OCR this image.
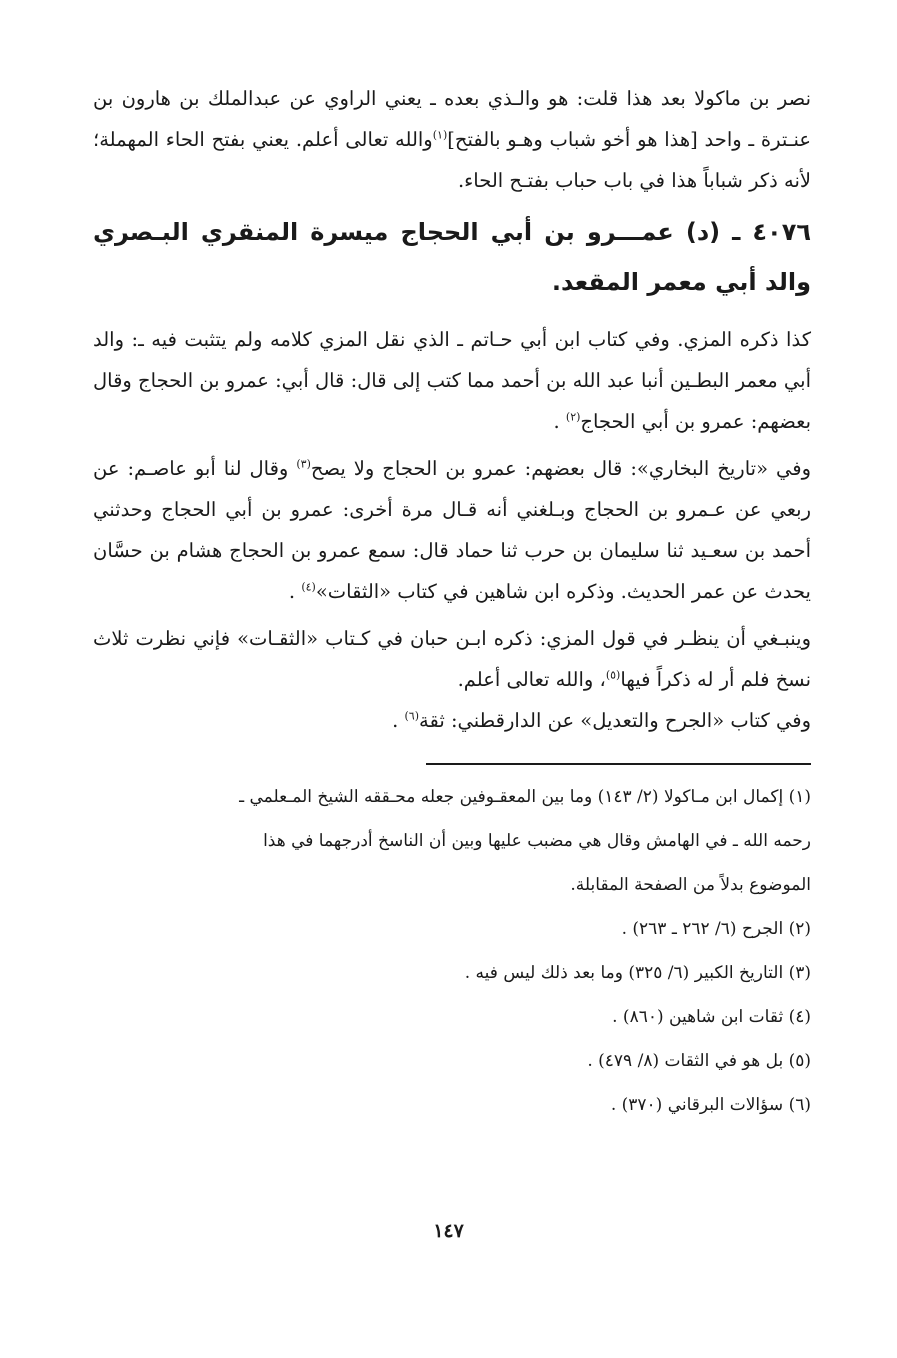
نصر بن ماكولا بعد هذا قلت: هو والـذي بعده ـ يعني الراوي عن عبدالملك بن هارون بن عنـترة ـ واحد [هذا هو أخو شباب وهـو بالفتح]$^{(١)}$والله تعالى أعلم. يعني بفتح الحاء المهملة؛ لأنه ذكر شباباً هذا في باب حباب بفتـح الحاء.

٤٠٧٦ ـ (د) عمـــرو بن أبي الحجاج ميسرة المنقري البـصري والد أبي معمر المقعد.

كذا ذكره المزي. وفي كتاب ابن أبي حـاتم ـ الذي نقل المزي كلامه ولم يتثبت فيه ـ: والد أبي معمر البطـين أنبا عبد الله بن أحمد مما كتب إلى قال: قال أبي: عمرو بن الحجاج وقال بعضهم: عمرو بن أبي الحجاج$^{(٢)}$ .

وفي «تاريخ البخاري»: قال بعضهم: عمرو بن الحجاج ولا يصح$^{(٣)}$ وقال لنا أبو عاصـم: عن ربعي عن عـمرو بن الحجاج وبـلغني أنه قـال مرة أخرى: عمرو بن أبي الحجاج وحدثني أحمد بن سعـيد ثنا سليمان بن حرب ثنا حماد قال: سمع عمرو بن الحجاج هشام بن حسَّان يحدث عن عمر الحديث. وذكره ابن شاهين في كتاب «الثقات»$^{(٤)}$ .

وينبـغي أن ينظـر في قول المزي: ذكره ابـن حبان في كـتاب «الثقـات» فإني نظرت ثلاث نسخ فلم أر له ذكراً فيها$^{(٥)}$، والله تعالى أعلم.

وفي كتاب «الجرح والتعديل» عن الدارقطني: ثقة$^{(٦)}$ .

(١) إكمال ابن مـاكولا (٢/ ١٤٣) وما بين المعقـوفين جعله محـققه الشيخ المـعلمي ـ

رحمه الله ـ في الهامش وقال هي مضبب عليها وبين أن الناسخ أدرجهما في هذا

الموضوع بدلاً من الصفحة المقابلة.

(٢) الجرح (٦/ ٢٦٢ ـ ٢٦٣) .

(٣) التاريخ الكبير (٦/ ٣٢٥) وما بعد ذلك ليس فيه .

(٤) ثقات ابن شاهين (٨٦٠) .

(٥) بل هو في الثقات (٨/ ٤٧٩) .

(٦) سؤالات البرقاني (٣٧٠) .

١٤٧
